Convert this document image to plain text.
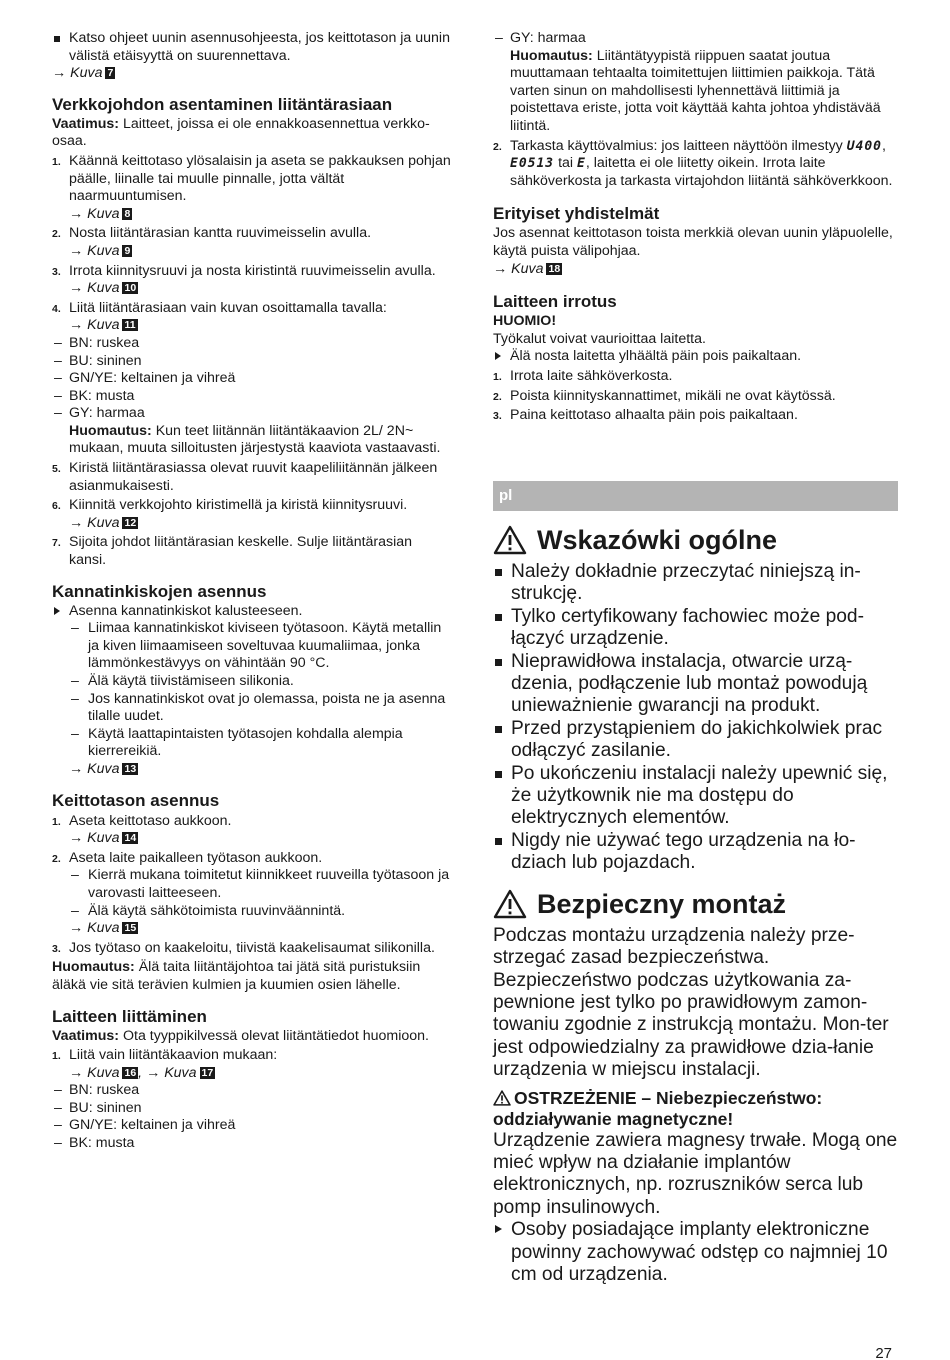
Katso ohjeet uunin asennusohjeesta, jos keittotason ja uunin välistä etäisyyttä on suurennettava.
→ Kuva 7
Verkkojohdon asentaminen liitäntärasiaan
Vaatimus: Laitteet, joissa ei ole ennakkoasennettua verkko-osaa.
1. Käännä keittotaso ylösalaisin ja aseta se pakkauksen pohjan päälle, liinalle tai muulle pinnalle, jotta vältät naarmuuntumisen.
→ Kuva 8
2. Nosta liitäntärasian kantta ruuvimeisselin avulla.
→ Kuva 9
3. Irrota kiinnitysruuvi ja nosta kiristintä ruuvimeisselin avulla.
→ Kuva 10
4. Liitä liitäntärasiaan vain kuvan osoittamalla tavalla:
→ Kuva 11
– BN: ruskea
– BU: sininen
– GN/YE: keltainen ja vihreä
– BK: musta
– GY: harmaa
Huomautus: Kun teet liitännän liitäntäkaavion 2L/ 2N~ mukaan, muuta silloitusten järjestystä kaaviota vastaavasti.
5. Kiristä liitäntärasiassa olevat ruuvit kaapeliliitännän jälkeen asianmukaisesti.
6. Kiinnitä verkkojohto kiristimellä ja kiristä kiinnitysruuvi.
→ Kuva 12
7. Sijoita johdot liitäntärasian keskelle. Sulje liitäntärasian kansi.
Kannatinkiskojen asennus
Asenna kannatinkiskot kalusteeseen.
– Liimaa kannatinkiskot kiviseen työtasoon. Käytä metallin ja kiven liimaamiseen soveltuvaa kuumaliimaa, jonka lämmönkestävyys on vähintään 90 °C.
– Älä käytä tiivistämiseen silikonia.
– Jos kannatinkiskot ovat jo olemassa, poista ne ja asenna tilalle uudet.
– Käytä laattapintaisten työtasojen kohdalla alempia kierrereikiä.
→ Kuva 13
Keittotason asennus
1. Aseta keittotaso aukkoon.
→ Kuva 14
2. Aseta laite paikalleen työtason aukkoon.
– Kierrä mukana toimitetut kiinnikkeet ruuveilla työtasoon ja varovasti laitteeseen.
– Älä käytä sähkötoimista ruuvinväännintä.
→ Kuva 15
3. Jos työtaso on kaakeloitu, tiivistä kaakelisaumat silikonilla.
Huomautus: Älä taita liitäntäjohtoa tai jätä sitä puristuksiin äläkä vie sitä terävien kulmien ja kuumien osien lähelle.
Laitteen liittäminen
Vaatimus: Ota tyyppikilvessä olevat liitäntätiedot huomioon.
1. Liitä vain liitäntäkaavion mukaan:
→ Kuva 16 , → Kuva 17
– BN: ruskea
– BU: sininen
– GN/YE: keltainen ja vihreä
– BK: musta
– GY: harmaa
Huomautus: Liitäntätyypistä riippuen saatat joutua muuttamaan tehtaalta toimitettujen liittimien paikkoja. Tätä varten sinun on mahdollisesti lyhennettävä liittimiä ja poistettava eriste, jotta voit käyttää kahta johtoa yhdistävää liitintä.
2. Tarkasta käyttövalmius: jos laitteen näyttöön ilmestyy U400, E0513 tai E, laitetta ei ole liitetty oikein. Irrota laite sähköverkosta ja tarkasta virtajohdon liitäntä sähköverkkoon.
Erityiset yhdistelmät
Jos asennat keittotason toista merkkiä olevan uunin yläpuolelle, käytä puista välipohjaa.
→ Kuva 18
Laitteen irrotus
HUOMIO!
Työkalut voivat vaurioittaa laitetta.
Älä nosta laitetta ylhäältä päin pois paikaltaan.
1. Irrota laite sähköverkosta.
2. Poista kiinnityskannattimet, mikäli ne ovat käytössä.
3. Paina keittotaso alhaalta päin pois paikaltaan.
pl
Wskazówki ogólne
Należy dokładnie przeczytać niniejszą in-strukcję.
Tylko certyfikowany fachowiec może pod-łączyć urządzenie.
Nieprawidłowa instalacja, otwarcie urzą-dzenia, podłączenie lub montaż powodują unieważnienie gwarancji na produkt.
Przed przystąpieniem do jakichkolwiek prac odłączyć zasilanie.
Po ukończeniu instalacji należy upewnić się, że użytkownik nie ma dostępu do elektrycznych elementów.
Nigdy nie używać tego urządzenia na ło-dziach lub pojazdach.
Bezpieczny montaż
Podczas montażu urządzenia należy prze-strzegać zasad bezpieczeństwa. Bezpieczeństwo podczas użytkowania za-pewnione jest tylko po prawidłowym zamon-towaniu zgodnie z instrukcją montażu. Mon-ter jest odpowiedzialny za prawidłowe dzia-łanie urządzenia w miejscu instalacji.
OSTRZEŻENIE – Niebezpieczeństwo: oddziaływanie magnetyczne!
Urządzenie zawiera magnesy trwałe. Mogą one mieć wpływ na działanie implantów elektronicznych, np. rozruszników serca lub pomp insulinowych.
Osoby posiadające implanty elektroniczne powinny zachowywać odstęp co najmniej 10 cm od urządzenia.
27
